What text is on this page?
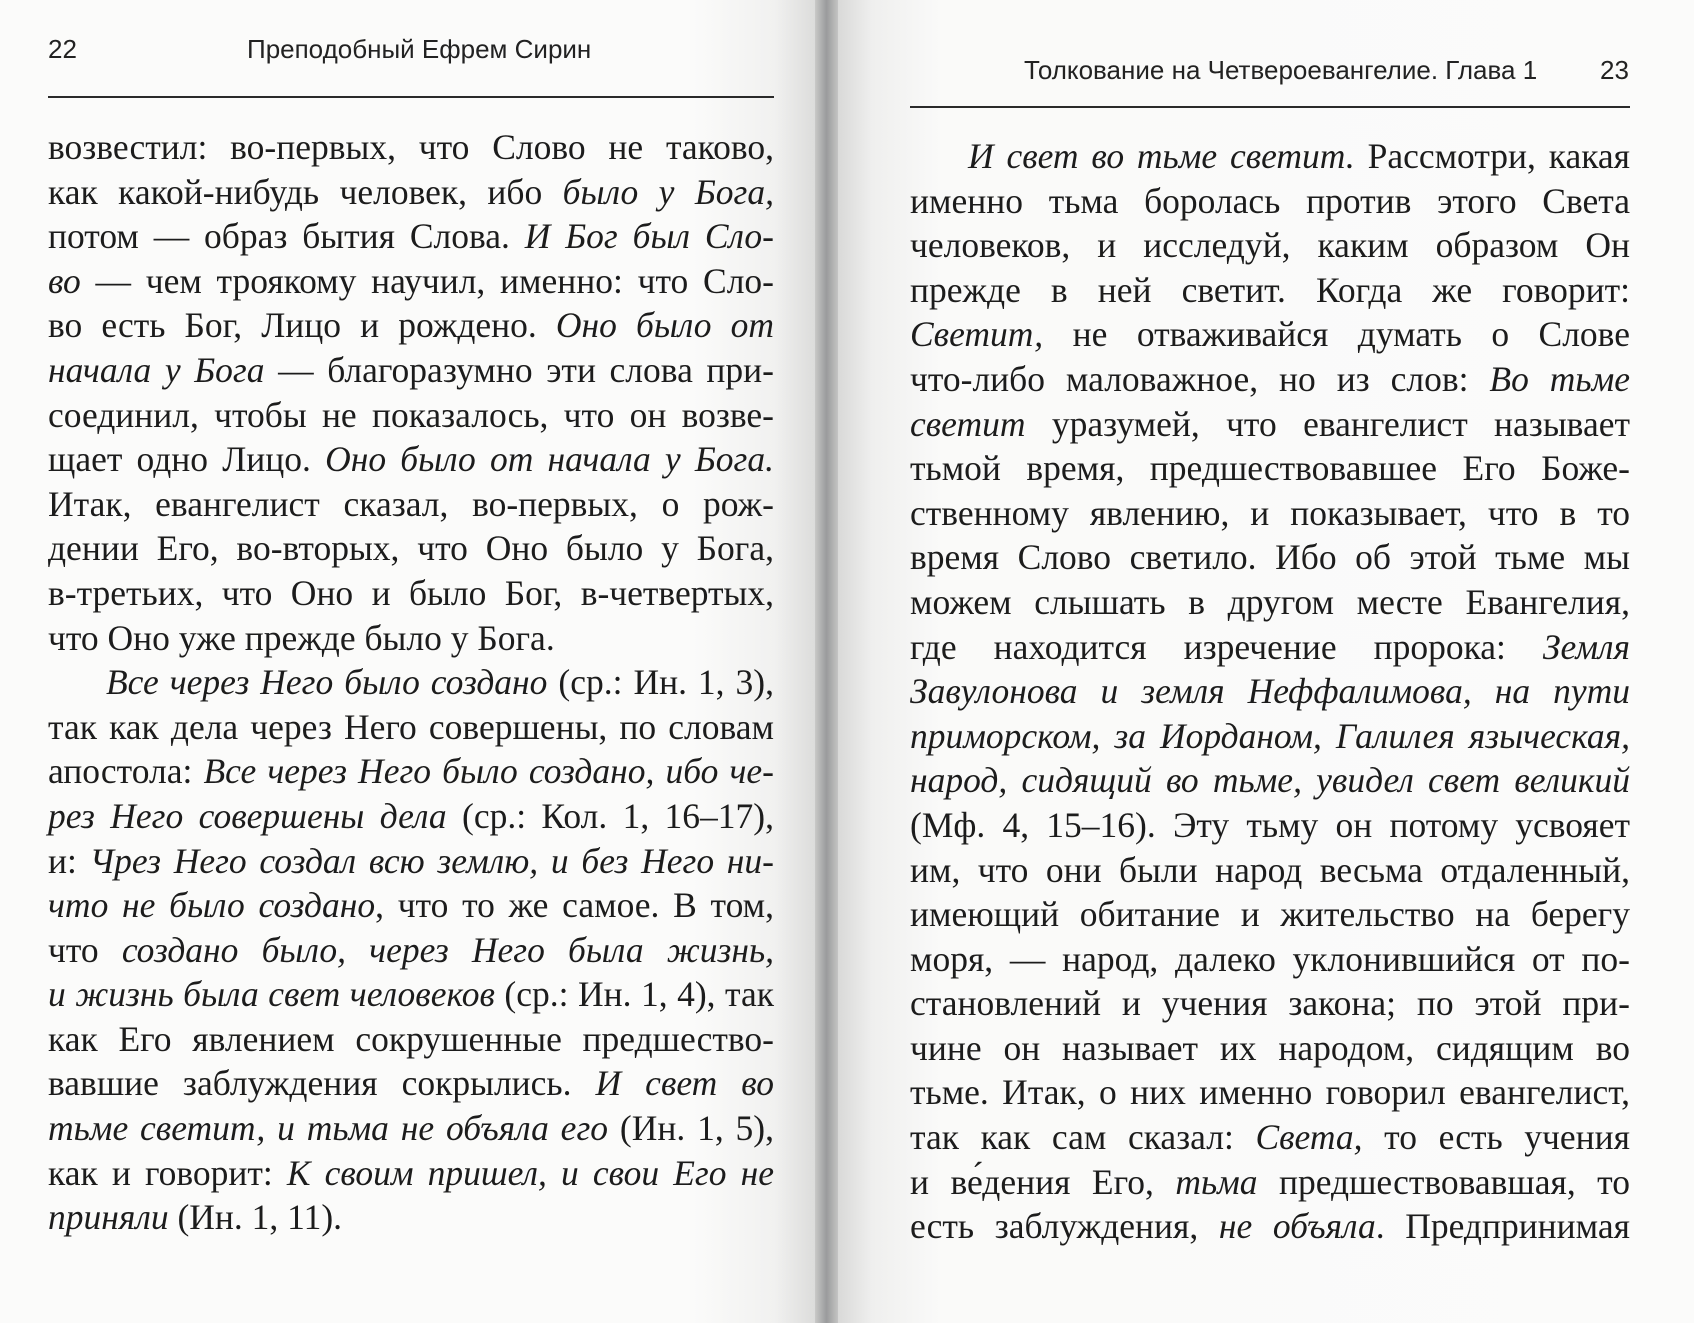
22	Преподобный Ефрем Сирин
возвестил: во-первых, что Слово не таково,
как какой-нибудь человек, ибо было у Бога,
потом — образ бытия Слова. И Бог был Сло-
во — чем троякому научил, именно: что Сло-
во есть Бог, Лицо и рождено. Оно было от
начала у Бога — благоразумно эти слова при-
соединил, чтобы не показалось, что он возве-
щает одно Лицо. Оно было от начала у Бога.
Итак, евангелист сказал, во-первых, о рож-
дении Его, во-вторых, что Оно было у Бога,
в-третьих, что Оно и было Бог, в-четвертых,
что Оно уже прежде было у Бога.
Все через Него было создано (ср.: Ин. 1, 3),
так как дела через Него совершены, по словам
апостола: Все через Него было создано, ибо че-
рез Него совершены дела (ср.: Кол. 1, 16–17),
и: Чрез Него создал всю землю, и без Него ни-
что не было создано, что то же самое. В том,
что создано было, через Него была жизнь,
и жизнь была свет человеков (ср.: Ин. 1, 4), так
как Его явлением сокрушенные предшество-
вавшие заблуждения сокрылись. И свет во
тьме светит, и тьма не объяла его (Ин. 1, 5),
как и говорит: К своим пришел, и свои Его не
приняли (Ин. 1, 11).
Толкование на Четвероевангелие. Глава 1 23
И свет во тьме светит. Рассмотри, какая
именно тьма боролась против этого Света
человеков, и исследуй, каким образом Он
прежде в ней светит. Когда же говорит:
Светит, не отваживайся думать о Слове
что-либо маловажное, но из слов: Во тьме
светит уразумей, что евангелист называет
тьмой время, предшествовавшее Его Боже-
ственному явлению, и показывает, что в то
время Слово светило. Ибо об этой тьме мы
можем слышать в другом месте Евангелия,
где находится изречение пророка: Земля
Завулонова и земля Неффалимова, на пути
приморском, за Иорданом, Галилея языческая,
народ, сидящий во тьме, увидел свет великий
(Мф. 4, 15–16). Эту тьму он потому усвояет
им, что они были народ весьма отдаленный,
имеющий обитание и жительство на берегу
моря, — народ, далеко уклонившийся от по-
становлений и учения закона; по этой при-
чине он называет их народом, сидящим во
тьме. Итак, о них именно говорил евангелист,
так как сам сказал: Света, то есть учения
и ве́дения Его, тьма предшествовавшая, то
есть заблуждения, не объяла. Предпринимая
